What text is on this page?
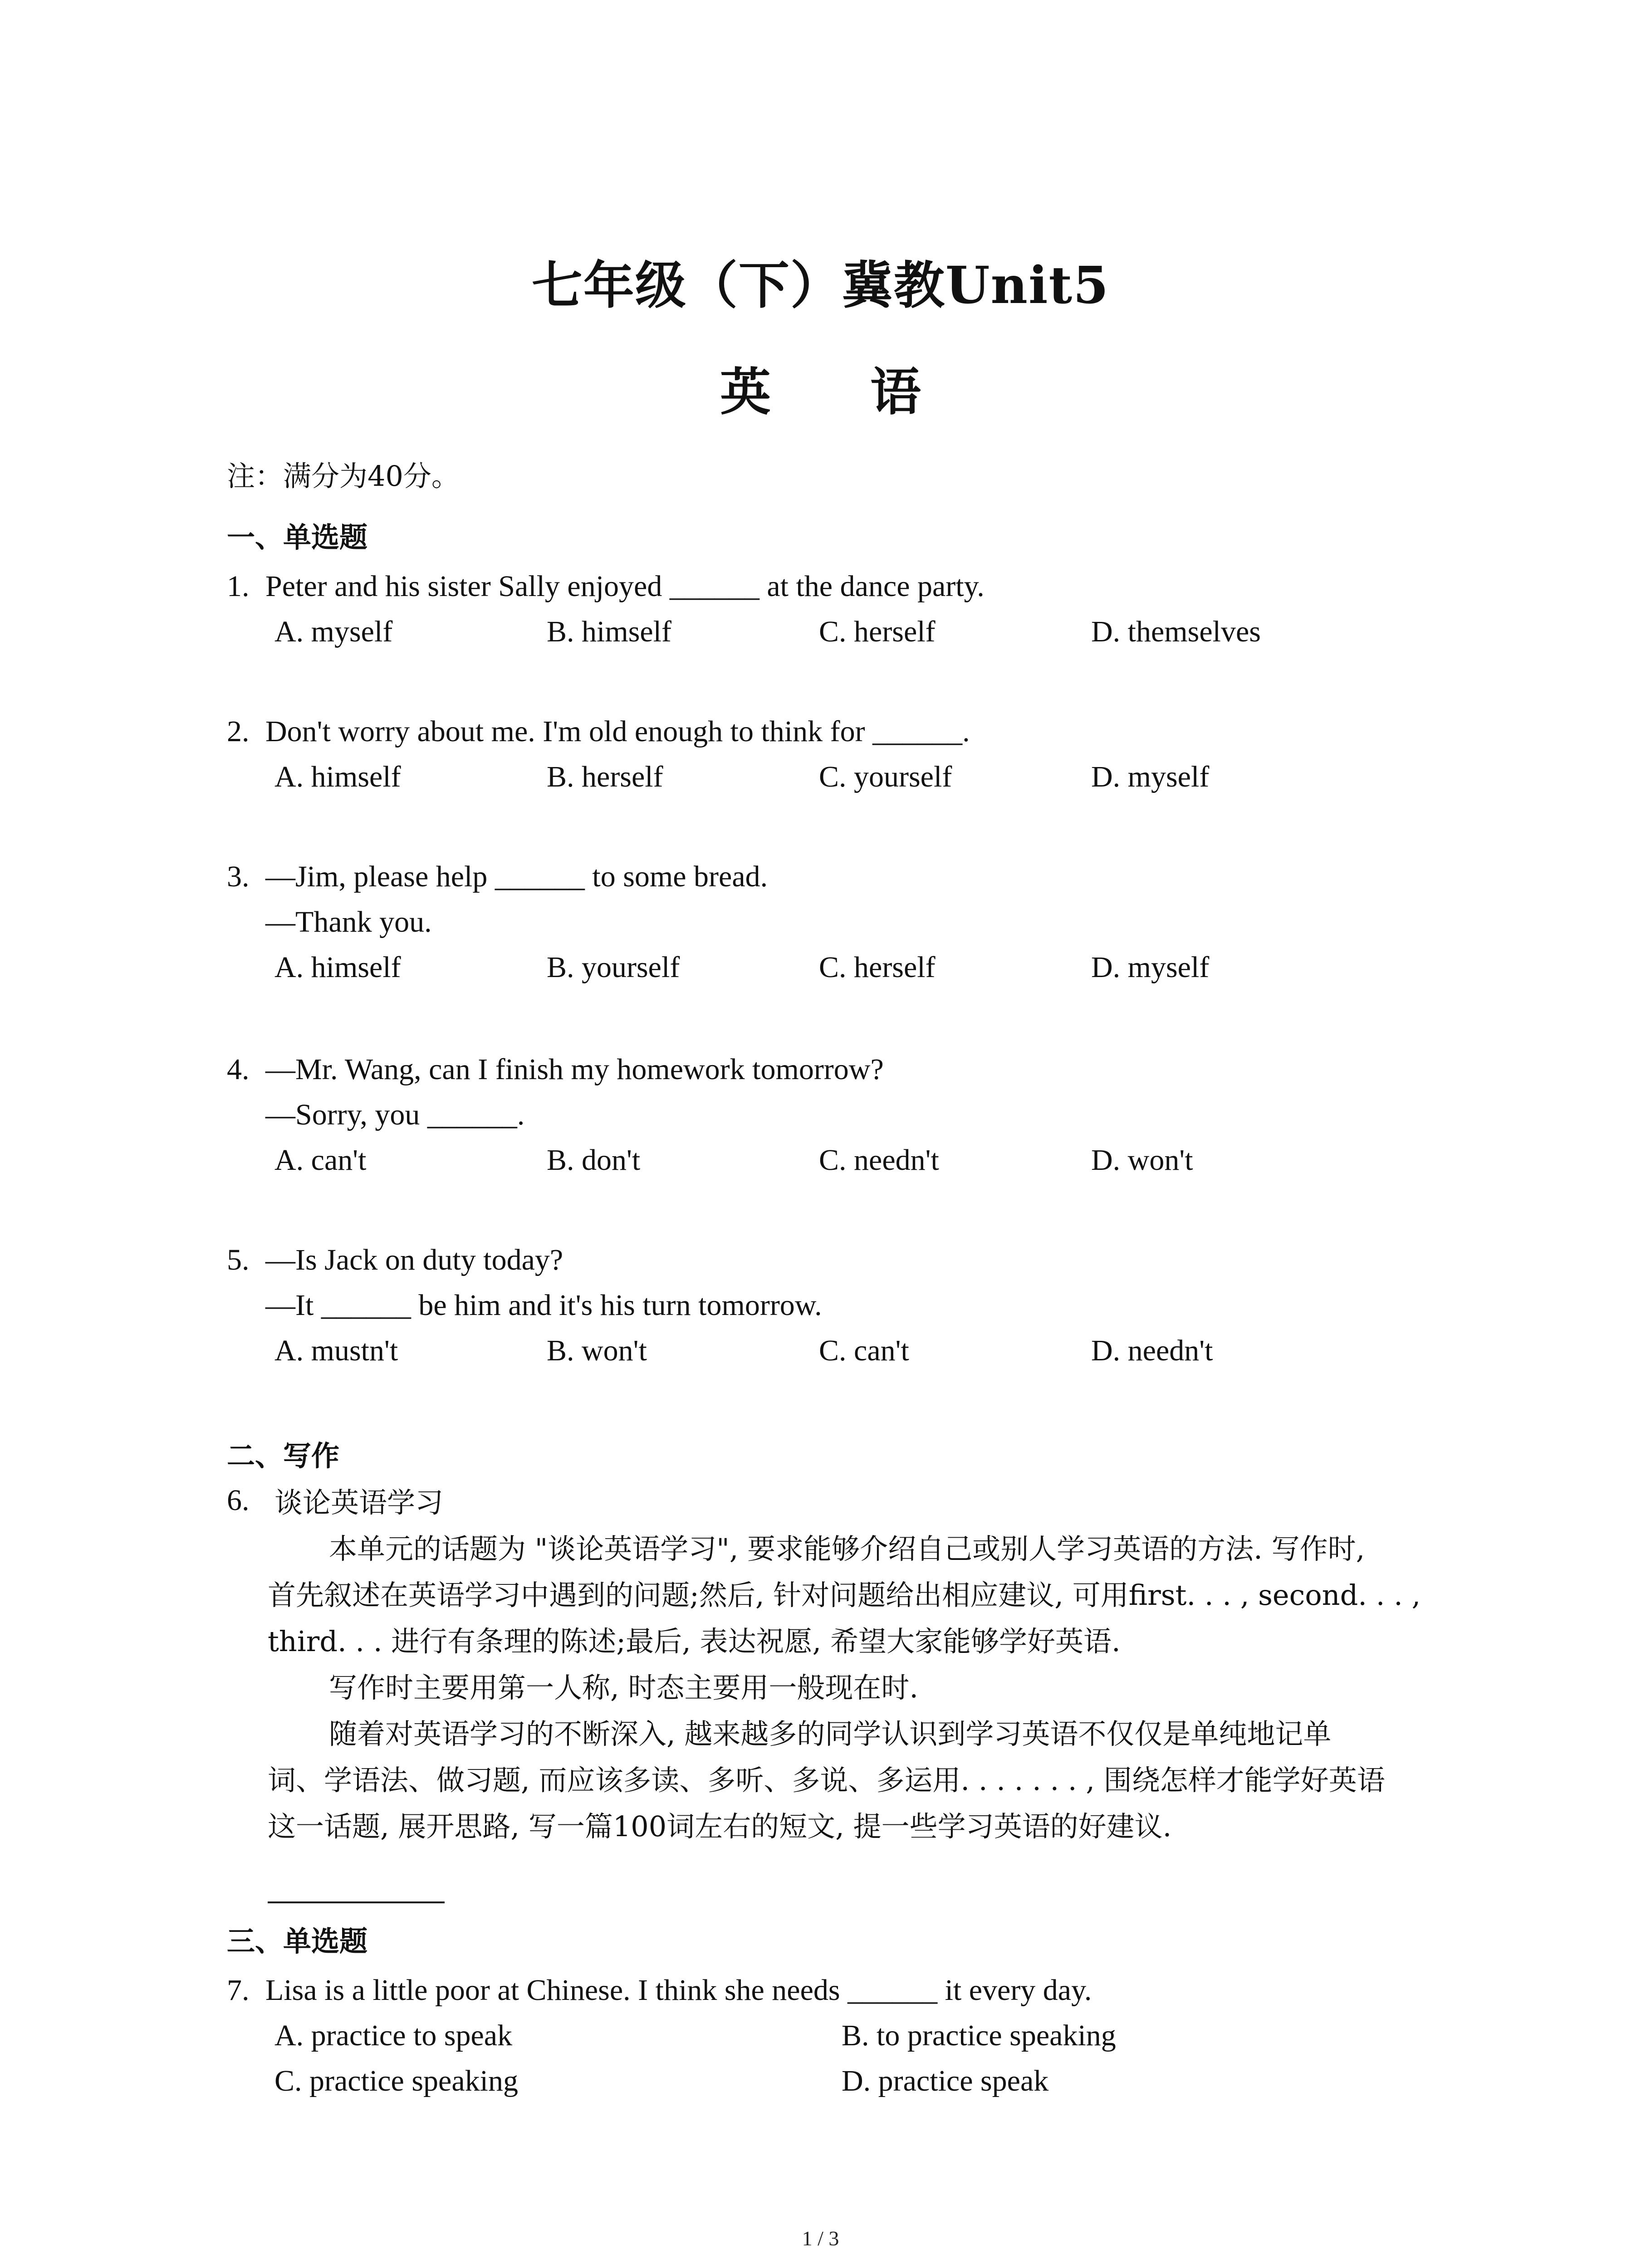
七年级（下）冀教Unit5
英 语
注：满分为40分。
一、单选题
1. Peter and his sister Sally enjoyed ______ at the dance party.
A. myself	B. himself	C. herself	D. themselves
2. Don't worry about me. I'm old enough to think for ______.
A. himself	B. herself	C. yourself	D. myself
3. —Jim, please help ______ to some bread.
—Thank you.
A. himself	B. yourself	C. herself	D. myself
4. —Mr. Wang, can I finish my homework tomorrow?
—Sorry, you ______.
A. can't	B. don't	C. needn't	D. won't
5. —Is Jack on duty today?
—It ______ be him and it's his turn tomorrow.
A. mustn't	B. won't	C. can't	D. needn't
二、写作
6. 谈论英语学习
本单元的话题为 "谈论英语学习", 要求能够介绍自己或别人学习英语的方法. 写作时,
首先叙述在英语学习中遇到的问题;然后, 针对问题给出相应建议, 可用first. . . , second. . . ,
third. . . 进行有条理的陈述;最后, 表达祝愿, 希望大家能够学好英语.
写作时主要用第一人称, 时态主要用一般现在时.
随着对英语学习的不断深入, 越来越多的同学认识到学习英语不仅仅是单纯地记单
词、学语法、做习题, 而应该多读、多听、多说、多运用. . . . . . . , 围绕怎样才能学好英语
这一话题, 展开思路, 写一篇100词左右的短文, 提一些学习英语的好建议.
三、单选题
7. Lisa is a little poor at Chinese. I think she needs ______ it every day.
A. practice to speak	B. to practice speaking
C. practice speaking	D. practice speak
1 / 3
